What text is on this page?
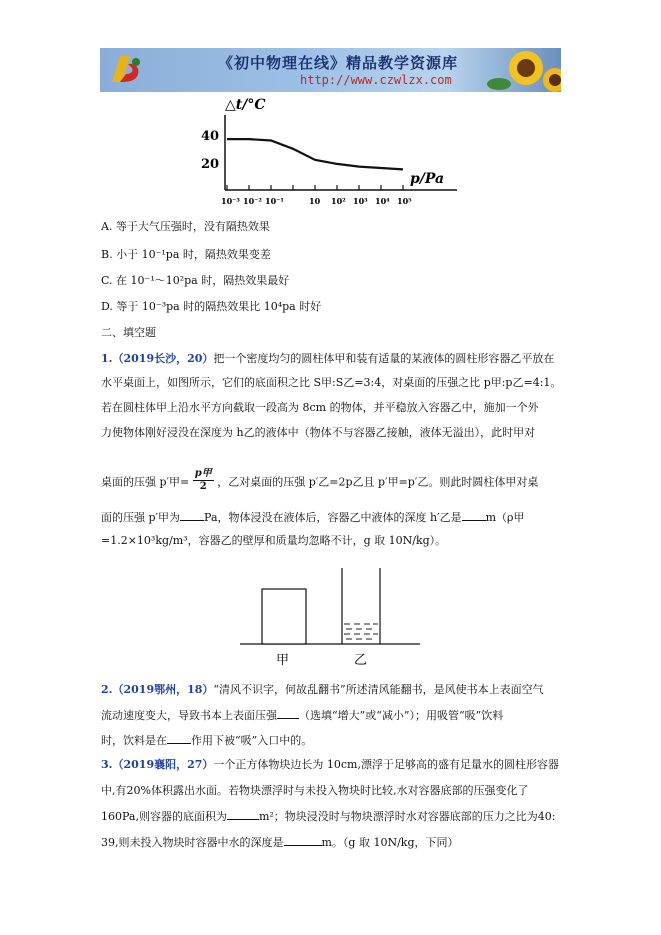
《初中物理在线》精品教学资源库
http://www.czwlzx.com
△t/°C
40
20
p/Pa
10⁻³ 10⁻² 10⁻¹	10 10² 10³ 10⁴ 10⁵
A. 等于大气压强时，没有隔热效果
B. 小于 10⁻¹pa 时，隔热效果变差
C. 在 10⁻¹～10²pa 时，隔热效果最好
D. 等于 10⁻³pa 时的隔热效果比 10⁴pa 时好
二、填空题
1.（2019长沙，20）把一个密度均匀的圆柱体甲和装有适量的某液体的圆柱形容器乙平放在
水平桌面上，如图所示，它们的底面积之比 S甲:S乙=3:4，对桌面的压强之比 p甲:p乙=4:1。
若在圆柱体甲上沿水平方向截取一段高为 8cm 的物体，并平稳放入容器乙中，施加一个外
力使物体刚好浸没在深度为 h乙的液体中（物体不与容器乙接触，液体无溢出），此时甲对
桌面的压强 p′甲=
p甲
2 ，乙对桌面的压强 p′乙=2p乙且 p′甲=p′乙。则此时圆柱体甲对桌
面的压强 p′甲为 Pa，物体浸没在液体后，容器乙中液体的深度 h′乙是 m（ρ甲
=1.2×10³kg/m³，容器乙的壁厚和质量均忽略不计，g 取 10N/kg）。
甲	乙
2.（2019鄂州，18）“清风不识字，何故乱翻书”所述清风能翻书，是风使书本上表面空气
流动速度变大，导致书本上表面压强 （选填“增大”或“减小”）；用吸管“吸”饮料
时，饮料是在 作用下被“吸”入口中的。
3.（2019襄阳，27）一个正方体物块边长为 10cm,漂浮于足够高的盛有足量水的圆柱形容器
中,有20%体积露出水面。若物块漂浮时与未投入物块时比较,水对容器底部的压强变化了
160Pa,则容器的底面积为	m²；物块浸没时与物块漂浮时水对容器底部的压力之比为40:
39,则未投入物块时容器中水的深度是	m。（g 取 10N/kg，下同）
